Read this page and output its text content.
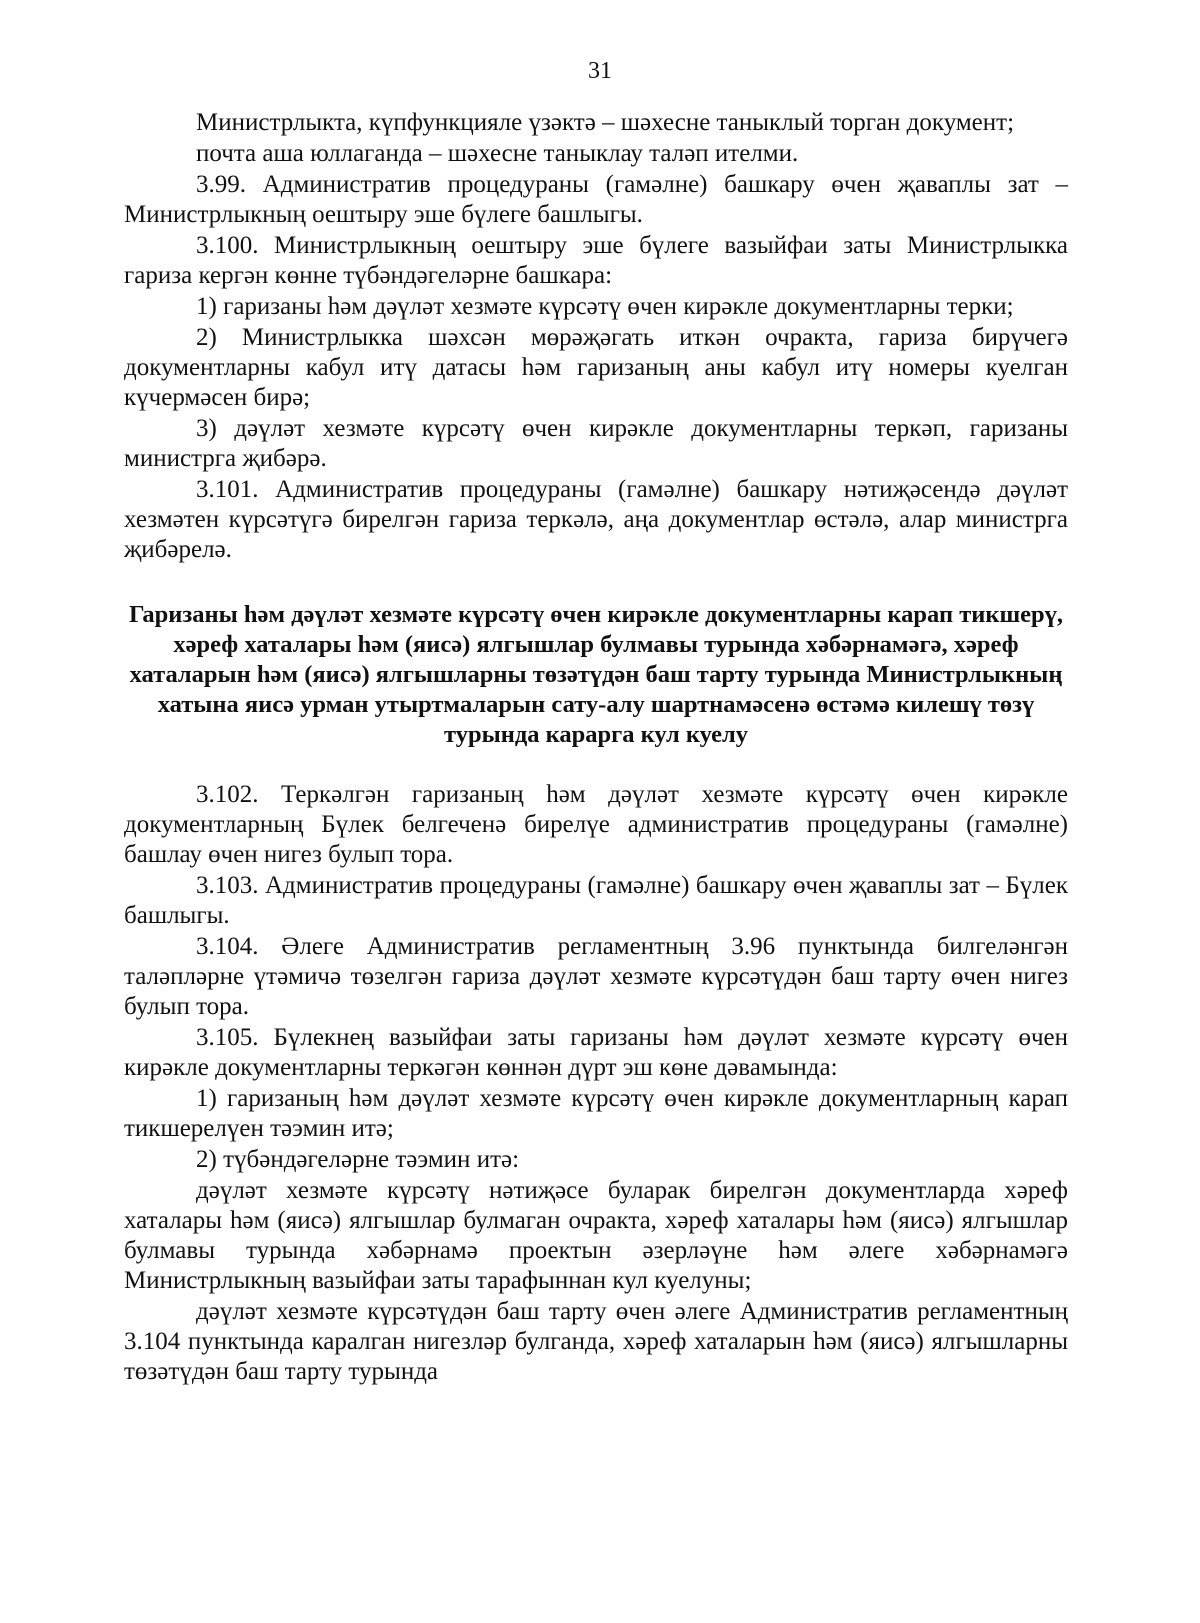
31

Министрлыкта, күпфункцияле үзәктә – шәхесне таныклый торган документ;

почта аша юллаганда – шәхесне таныклау таләп ителми.

3.99. Административ процедураны (гамәлне) башкару өчен җаваплы зат – Министрлыкның оештыру эше бүлеге башлыгы.

3.100. Министрлыкның оештыру эше бүлеге вазыйфаи заты Министрлыкка гариза кергән көнне түбәндәгеләрне башкара:

1) гаризаны һәм дәүләт хезмәте күрсәтү өчен кирәкле документларны терки;

2) Министрлыкка шәхсән мөрәҗәгать иткән очракта, гариза бирүчегә документларны кабул итү датасы һәм гаризаның аны кабул итү номеры куелган күчермәсен бирә;

3) дәүләт хезмәте күрсәтү өчен кирәкле документларны теркәп, гаризаны министрга җибәрә.

3.101. Административ процедураны (гамәлне) башкару нәтиҗәсендә дәүләт хезмәтен күрсәтүгә бирелгән гариза теркәлә, аңа документлар өстәлә, алар министрга җибәрелә.

Гаризаны һәм дәүләт хезмәте күрсәтү өчен кирәкле документларны карап тикшерү, хәреф хаталары һәм (яисә) ялгышлар булмавы турында хәбәрнамәгә, хәреф хаталарын һәм (яисә) ялгышларны төзәтүдән баш тарту турында Министрлыкның хатына яисә урман утыртмаларын сату-алу шартнамәсенә өстәмә килешү төзү турында карарга кул куелу

3.102. Теркәлгән гаризаның һәм дәүләт хезмәте күрсәтү өчен кирәкле документларның Бүлек белгеченә бирелүе административ процедураны (гамәлне) башлау өчен нигез булып тора.

3.103. Административ процедураны (гамәлне) башкару өчен җаваплы зат – Бүлек башлыгы.

3.104. Әлеге Административ регламентның 3.96 пунктында билгеләнгән таләпләрне үтәмичә төзелгән гариза дәүләт хезмәте күрсәтүдән баш тарту өчен нигез булып тора.

3.105. Бүлекнең вазыйфаи заты гаризаны һәм дәүләт хезмәте күрсәтү өчен кирәкле документларны теркәгән көннән дүрт эш көне дәвамында:

1) гаризаның һәм дәүләт хезмәте күрсәтү өчен кирәкле документларның карап тикшерелүен тәэмин итә;

2) түбәндәгеләрне тәэмин итә:

дәүләт хезмәте күрсәтү нәтиҗәсе буларак бирелгән документларда хәреф хаталары һәм (яисә) ялгышлар булмаган очракта, хәреф хаталары һәм (яисә) ялгышлар булмавы турында хәбәрнамә проектын әзерләүне һәм әлеге хәбәрнамәгә Министрлыкның вазыйфаи заты тарафыннан кул куелуны;

дәүләт хезмәте күрсәтүдән баш тарту өчен әлеге Административ регламентның 3.104 пунктында каралган нигезләр булганда, хәреф хаталарын һәм (яисә) ялгышларны төзәтүдән баш тарту турында
